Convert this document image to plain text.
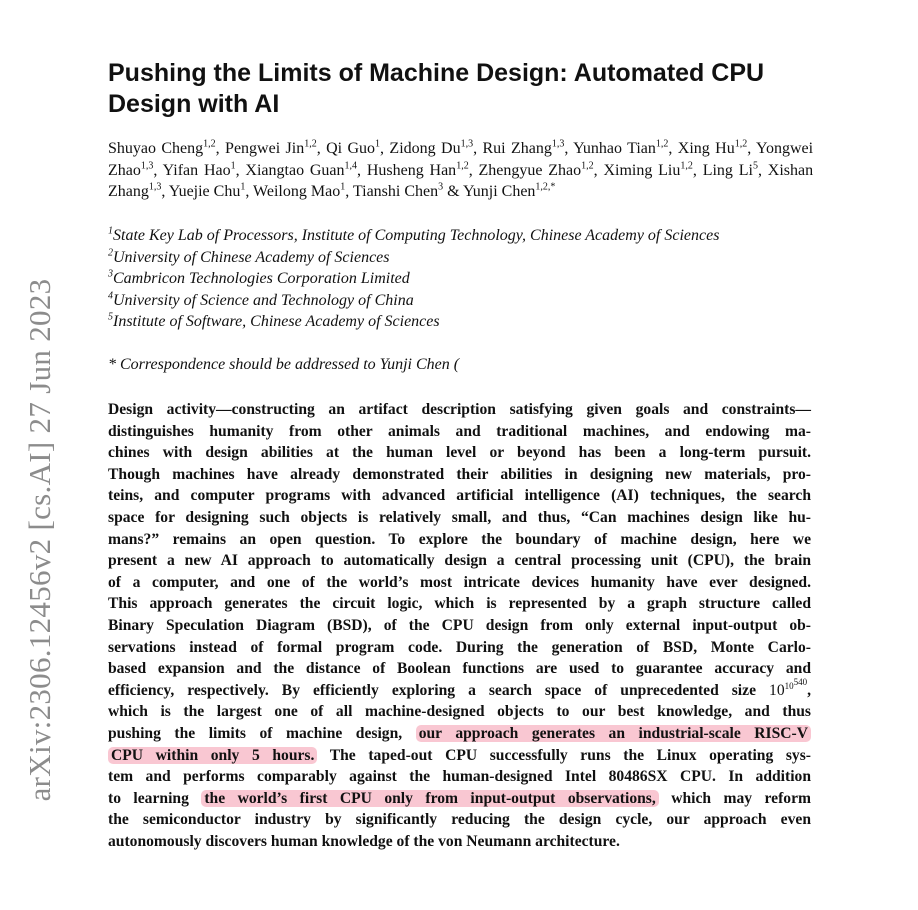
arXiv:2306.12456v2 [cs.AI] 27 Jun 2023
Pushing the Limits of Machine Design: Automated CPU Design with AI
Shuyao Cheng$^{1,2}$, Pengwei Jin$^{1,2}$, Qi Guo$^1$, Zidong Du$^{1,3}$, Rui Zhang$^{1,3}$, Yunhao Tian$^{1,2}$, Xing Hu$^{1,2}$, Yongwei Zhao$^{1,3}$, Yifan Hao$^1$, Xiangtao Guan$^{1,4}$, Husheng Han$^{1,2}$, Zhengyue Zhao$^{1,2}$, Ximing Liu$^{1,2}$, Ling Li$^5$, Xishan Zhang$^{1,3}$, Yuejie Chu$^1$, Weilong Mao$^1$, Tianshi Chen$^3$ & Yunji Chen$^{1,2,*}$
$^1$State Key Lab of Processors, Institute of Computing Technology, Chinese Academy of Sciences
$^2$University of Chinese Academy of Sciences
$^3$Cambricon Technologies Corporation Limited
$^4$University of Science and Technology of China
$^5$Institute of Software, Chinese Academy of Sciences
* Correspondence should be addressed to Yunji Chen (
Design activity—constructing an artifact description satisfying given goals and constraints—
distinguishes humanity from other animals and traditional machines, and endowing ma-
chines with design abilities at the human level or beyond has been a long-term pursuit.
Though machines have already demonstrated their abilities in designing new materials, pro-
teins, and computer programs with advanced artificial intelligence (AI) techniques, the search
space for designing such objects is relatively small, and thus, “Can machines design like hu-
mans?” remains an open question. To explore the boundary of machine design, here we
present a new AI approach to automatically design a central processing unit (CPU), the brain
of a computer, and one of the world’s most intricate devices humanity have ever designed.
This approach generates the circuit logic, which is represented by a graph structure called
Binary Speculation Diagram (BSD), of the CPU design from only external input-output ob-
servations instead of formal program code. During the generation of BSD, Monte Carlo-
based expansion and the distance of Boolean functions are used to guarantee accuracy and
efficiency, respectively. By efficiently exploring a search space of unprecedented size $10^{10^{540}}$,
which is the largest one of all machine-designed objects to our best knowledge, and thus
pushing the limits of machine design, our approach generates an industrial-scale RISC-V
CPU within only 5 hours. The taped-out CPU successfully runs the Linux operating sys-
tem and performs comparably against the human-designed Intel 80486SX CPU. In addition
to learning the world’s first CPU only from input-output observations, which may reform
the semiconductor industry by significantly reducing the design cycle, our approach even
autonomously discovers human knowledge of the von Neumann architecture.
